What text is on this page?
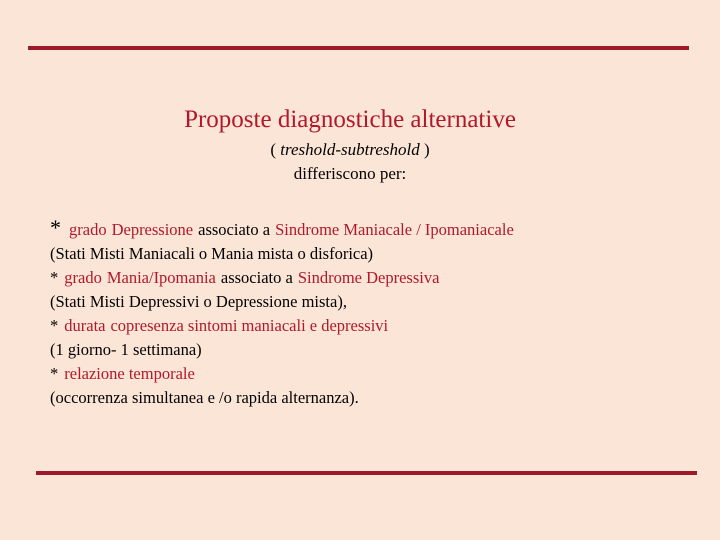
Proposte diagnostiche alternative
( treshold-subtreshold )
differiscono per:
* grado Depressione associato a Sindrome Maniacale / Ipomaniacale
(Stati Misti Maniacali o Mania mista o disforica)
* grado Mania/Ipomania associato a Sindrome Depressiva
(Stati Misti Depressivi o Depressione mista),
* durata copresenza sintomi maniacali e depressivi
(1 giorno- 1 settimana)
* relazione temporale
(occorrenza simultanea e /o rapida alternanza).
